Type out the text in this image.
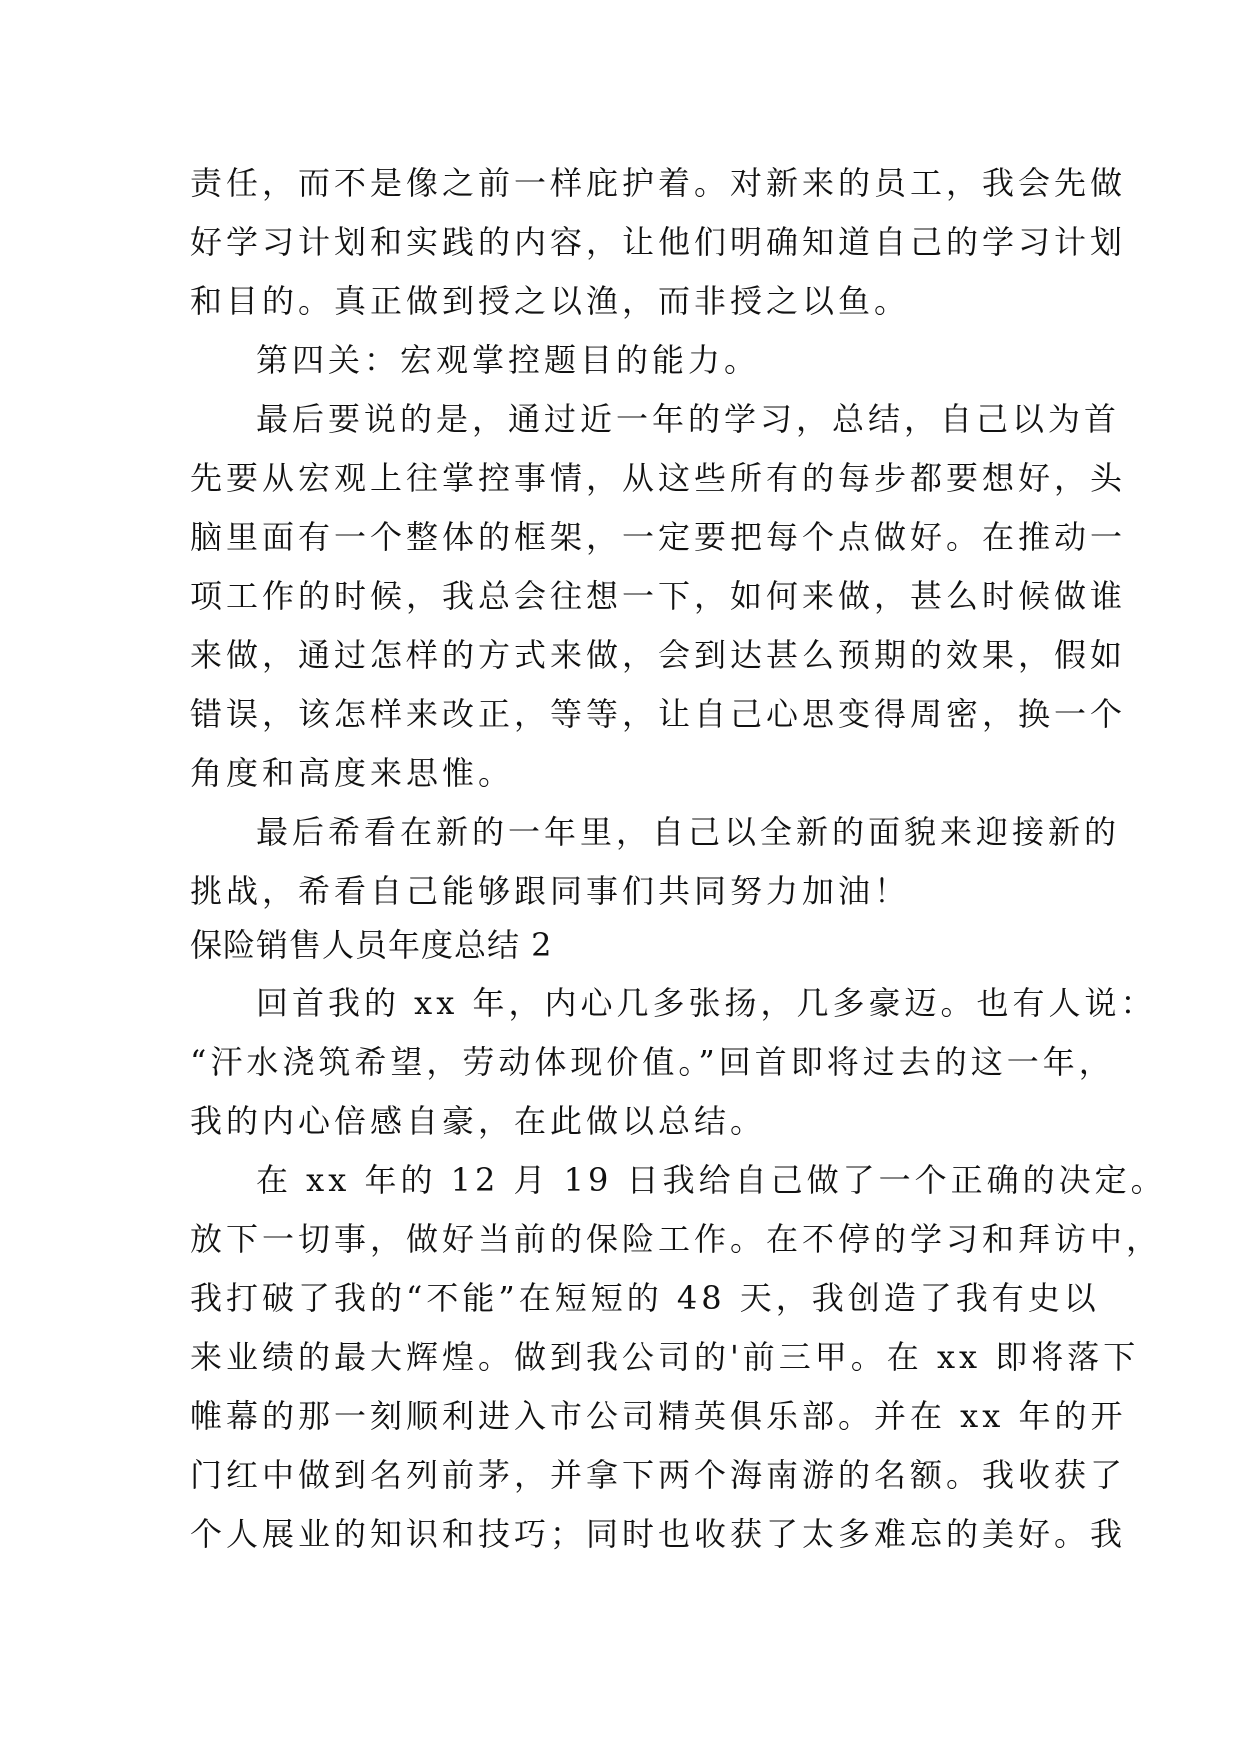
责任，而不是像之前一样庇护着。对新来的员工，我会先做
好学习计划和实践的内容，让他们明确知道自己的学习计划
和目的。真正做到授之以渔，而非授之以鱼。
第四关：宏观掌控题目的能力。
最后要说的是，通过近一年的学习，总结，自己以为首
先要从宏观上往掌控事情，从这些所有的每步都要想好，头
脑里面有一个整体的框架，一定要把每个点做好。在推动一
项工作的时候，我总会往想一下，如何来做，甚么时候做谁
来做，通过怎样的方式来做，会到达甚么预期的效果，假如
错误，该怎样来改正，等等，让自己心思变得周密，换一个
角度和高度来思惟。
最后希看在新的一年里，自己以全新的面貌来迎接新的
挑战，希看自己能够跟同事们共同努力加油！
保险销售人员年度总结 2
回首我的 xx 年，内心几多张扬，几多豪迈。也有人说：
“汗水浇筑希望，劳动体现价值。”回首即将过去的这一年，
我的内心倍感自豪，在此做以总结。
在 xx 年的 12 月 19 日我给自己做了一个正确的决定。
放下一切事，做好当前的保险工作。在不停的学习和拜访中，
我打破了我的“不能”在短短的 48 天，我创造了我有史以
来业绩的最大辉煌。做到我公司的'前三甲。在 xx 即将落下
帷幕的那一刻顺利进入市公司精英俱乐部。并在 xx 年的开
门红中做到名列前茅，并拿下两个海南游的名额。我收获了
个人展业的知识和技巧；同时也收获了太多难忘的美好。我
